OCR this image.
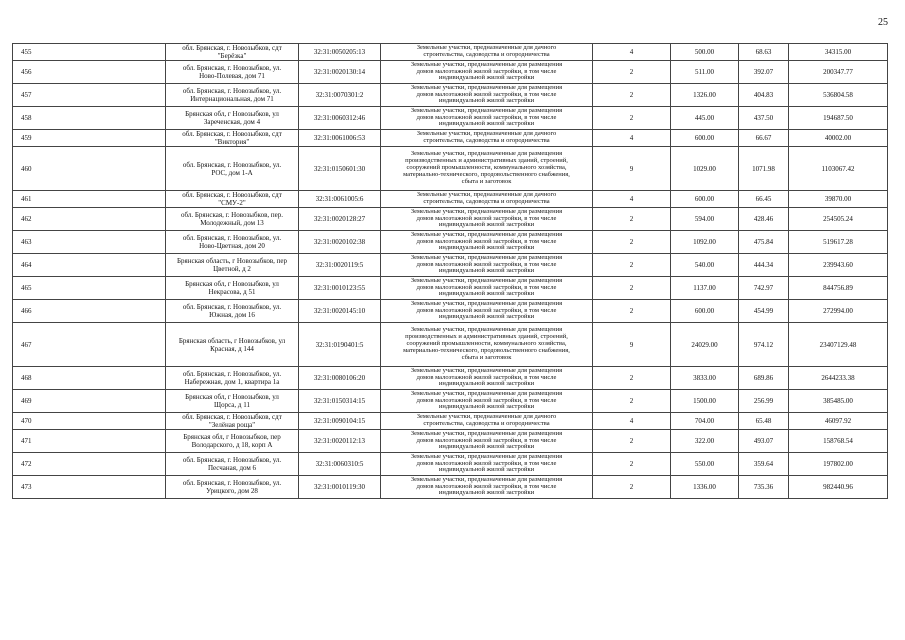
25
455	обл. Брянская, г. Новозыбков, сдт
"Берёзка"	32:31:0050205:13	Земельные участки, предназначенные для дачного
строительства, садоводства и огородничества	4	500.00	68.63	34315.00
456	обл. Брянская, г. Новозыбков, ул.
Ново-Полевая, дом 71	32:31:0020130:14	Земельные участки, предназначенные для размещения
домов малоэтажной жилой застройки, в том числе
индивидуальной жилой застройки	2	511.00	392.07	200347.77
457	обл. Брянская, г. Новозыбков, ул.
Интернациональная, дом 71	32:31:0070301:2	Земельные участки, предназначенные для размещения
домов малоэтажной жилой застройки, в том числе
индивидуальной жилой застройки	2	1326.00	404.83	536804.58
458	Брянская обл, г Новозыбков, ул
Зареченская, дом 4	32:31:0060312:46	Земельные участки, предназначенные для размещения
домов малоэтажной жилой застройки, в том числе
индивидуальной жилой застройки	2	445.00	437.50	194687.50
459	обл. Брянская, г. Новозыбков, сдт
"Виктория"	32:31:0061006:53	Земельные участки, предназначенные для дачного
строительства, садоводства и огородничества	4	600.00	66.67	40002.00
460	обл. Брянская, г. Новозыбков, ул.
РОС, дом 1-А	32:31:0150601:30	Земельные участки, предназначенные для размещения
производственных и административных зданий, строений,
сооружений промышленности, коммунального хозяйства,
материально-технического, продовольственного снабжения,
сбыта и заготовок	9	1029.00	1071.98	1103067.42
461	обл. Брянская, г. Новозыбков, сдт
"СМУ-2"	32:31:0061005:6	Земельные участки, предназначенные для дачного
строительства, садоводства и огородничества	4	600.00	66.45	39870.00
462	обл. Брянская, г. Новозыбков, пер.
Молодежный, дом 13	32:31:0020128:27	Земельные участки, предназначенные для размещения
домов малоэтажной жилой застройки, в том числе
индивидуальной жилой застройки	2	594.00	428.46	254505.24
463	обл. Брянская, г. Новозыбков, ул.
Ново-Цветная, дом 20	32:31:0020102:38	Земельные участки, предназначенные для размещения
домов малоэтажной жилой застройки, в том числе
индивидуальной жилой застройки	2	1092.00	475.84	519617.28
464	Брянская область, г Новозыбков, пер
Цветной, д 2	32:31:0020119:5	Земельные участки, предназначенные для размещения
домов малоэтажной жилой застройки, в том числе
индивидуальной жилой застройки	2	540.00	444.34	239943.60
465	Брянская обл, г Новозыбков, ул
Некрасова, д 51	32:31:0010123:55	Земельные участки, предназначенные для размещения
домов малоэтажной жилой застройки, в том числе
индивидуальной жилой застройки	2	1137.00	742.97	844756.89
466	обл. Брянская, г. Новозыбков, ул.
Южная, дом 16	32:31:0020145:10	Земельные участки, предназначенные для размещения
домов малоэтажной жилой застройки, в том числе
индивидуальной жилой застройки	2	600.00	454.99	272994.00
467	Брянская область, г Новозыбков, ул
Красная, д 144	32:31:0190401:5	Земельные участки, предназначенные для размещения
производственных и административных зданий, строений,
сооружений промышленности, коммунального хозяйства,
материально-технического, продовольственного снабжения,
сбыта и заготовок	9	24029.00	974.12	23407129.48
468	обл. Брянская, г. Новозыбков, ул.
Набережная, дом 1, квартира 1а	32:31:0080106:20	Земельные участки, предназначенные для размещения
домов малоэтажной жилой застройки, в том числе
индивидуальной жилой застройки	2	3833.00	689.86	2644233.38
469	Брянская обл, г Новозыбков, ул
Щорса, д 11	32:31:0150314:15	Земельные участки, предназначенные для размещения
домов малоэтажной жилой застройки, в том числе
индивидуальной жилой застройки	2	1500.00	256.99	385485.00
470	обл. Брянская, г. Новозыбков, сдт
"Зелёная роща"	32:31:0090104:15	Земельные участки, предназначенные для дачного
строительства, садоводства и огородничества	4	704.00	65.48	46097.92
471	Брянская обл, г Новозыбков, пер
Володарского, д 18, корп А	32:31:0020112:13	Земельные участки, предназначенные для размещения
домов малоэтажной жилой застройки, в том числе
индивидуальной жилой застройки	2	322.00	493.07	158768.54
472	обл. Брянская, г. Новозыбков, ул.
Песчаная, дом 6	32:31:0060310:5	Земельные участки, предназначенные для размещения
домов малоэтажной жилой застройки, в том числе
индивидуальной жилой застройки	2	550.00	359.64	197802.00
473	обл. Брянская, г. Новозыбков, ул.
Урицкого, дом 28	32:31:0010119:30	Земельные участки, предназначенные для размещения
домов малоэтажной жилой застройки, в том числе
индивидуальной жилой застройки	2	1336.00	735.36	982440.96
